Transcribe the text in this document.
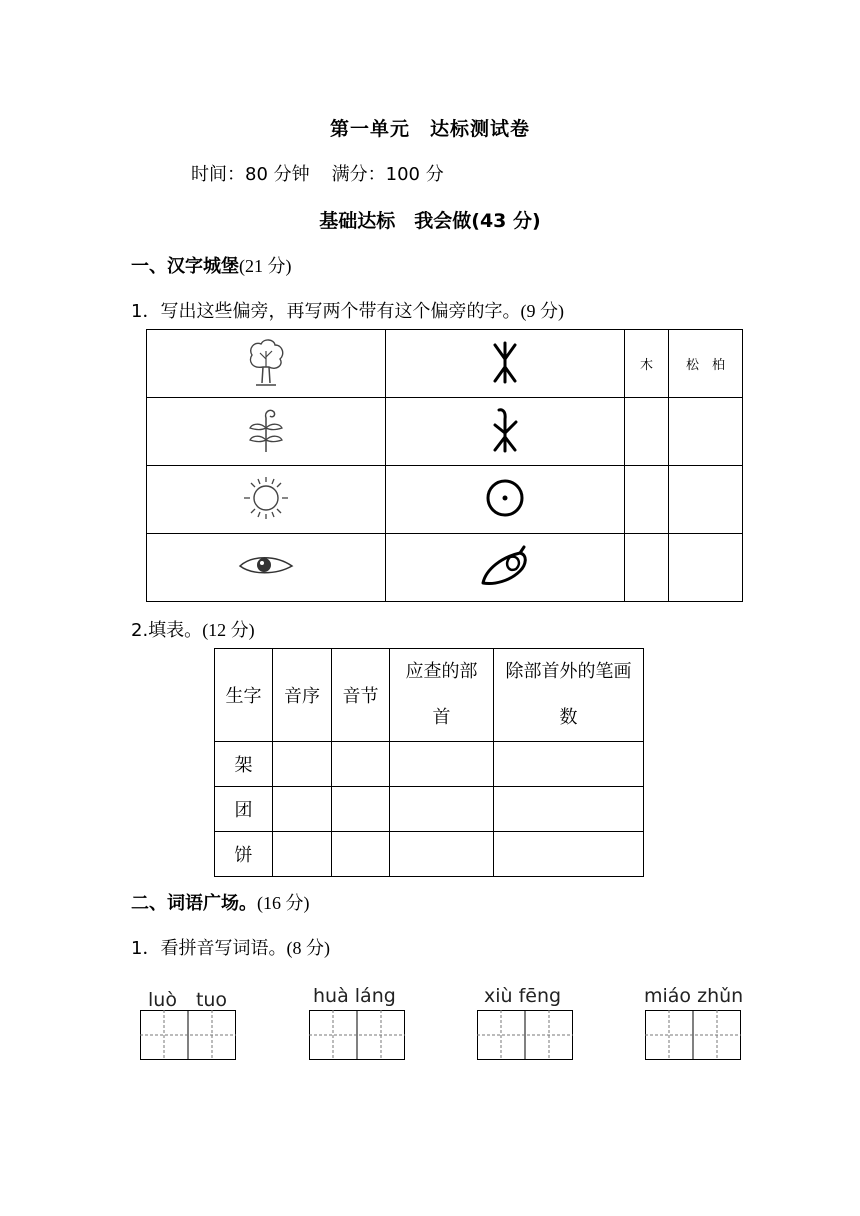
第一单元　达标测试卷
时间：80 分钟 满分：100 分
基础达标　我会做(43 分)
一、汉字城堡(21 分)
1．写出这些偏旁，再写两个带有这个偏旁的字。(9 分)
		木	松　柏

2.填表。(12 分)
生字	音序	音节	应查的部首	除部首外的笔画数

架				
团				
饼				
二、词语广场。(16 分)
1．看拼音写词语。(8 分)
luò　tuo	huà láng	xiù fēng	miáo zhǔn
